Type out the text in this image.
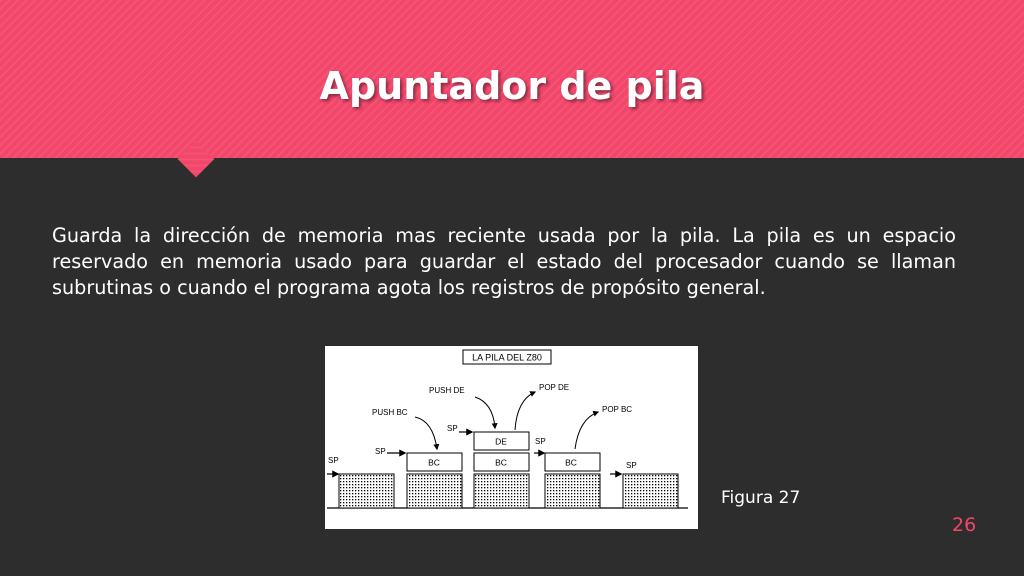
Apuntador de pila
Guarda la dirección de memoria mas reciente usada por la pila. La pila es un espacio reservado en memoria usado para guardar el estado del procesador cuando se llaman subrutinas o cuando el programa agota los registros de propósito general.
LA PILA DEL Z80
BC	BC
DE
BC
SP
SP
SP
SP
SP
PUSH BC
PUSH DE	POP DE
POP BC
Figura 27
26
